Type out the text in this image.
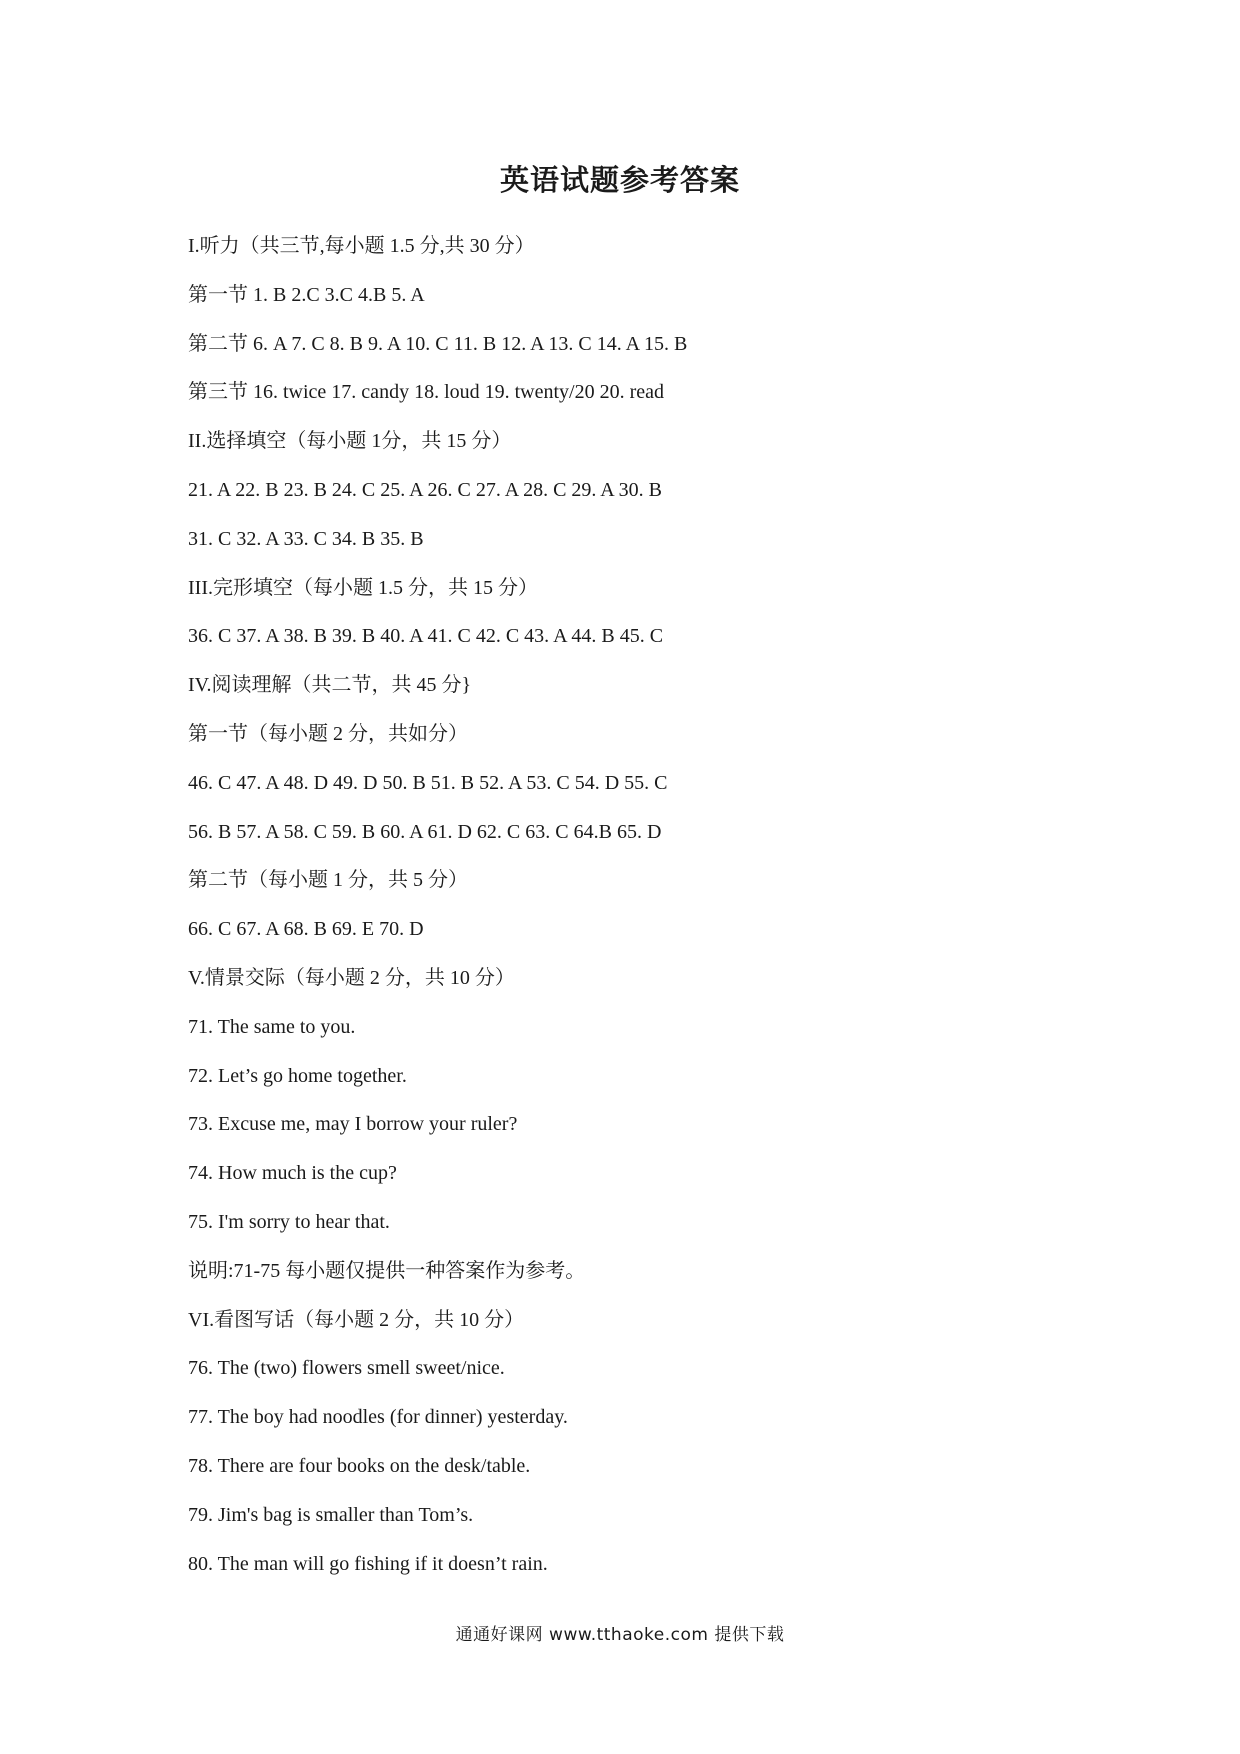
英语试题参考答案
I.听力（共三节,每小题 1.5 分,共 30 分）
第一节 1. B 2.C 3.C 4.B 5. A
第二节 6. A 7. C 8. B 9. A 10. C 11. B 12. A 13. C 14. A 15. B
第三节 16. twice 17. candy 18. loud 19. twenty/20 20. read
II.选择填空（每小题 1分，共 15 分）
21. A 22. B 23. B 24. C 25. A 26. C 27. A 28. C 29. A 30. B
31. C 32. A 33. C 34. B 35. B
III.完形填空（每小题 1.5 分，共 15 分）
36. C 37. A 38. B 39. B 40. A 41. C 42. C 43. A 44. B 45. C
IV.阅读理解（共二节，共 45 分}
第一节（每小题 2 分，共如分）
46. C 47. A 48. D 49. D 50. B 51. B 52. A 53. C 54. D 55. C
56. B 57. A 58. C 59. B 60. A 61. D 62. C 63. C 64.B 65. D
第二节（每小题 1 分，共 5 分）
66. C 67. A 68. B 69. E 70. D
V.情景交际（每小题 2 分，共 10 分）
71. The same to you.
72. Let’s go home together.
73. Excuse me, may I borrow your ruler?
74. How much is the cup?
75. I'm sorry to hear that.
说明:71-75 每小题仅提供一种答案作为参考。
VI.看图写话（每小题 2 分，共 10 分）
76. The (two) flowers smell sweet/nice.
77. The boy had noodles (for dinner) yesterday.
78. There are four books on the desk/table.
79. Jim's bag is smaller than Tom’s.
80. The man will go fishing if it doesn’t rain.
通通好课网 www.tthaoke.com 提供下载
